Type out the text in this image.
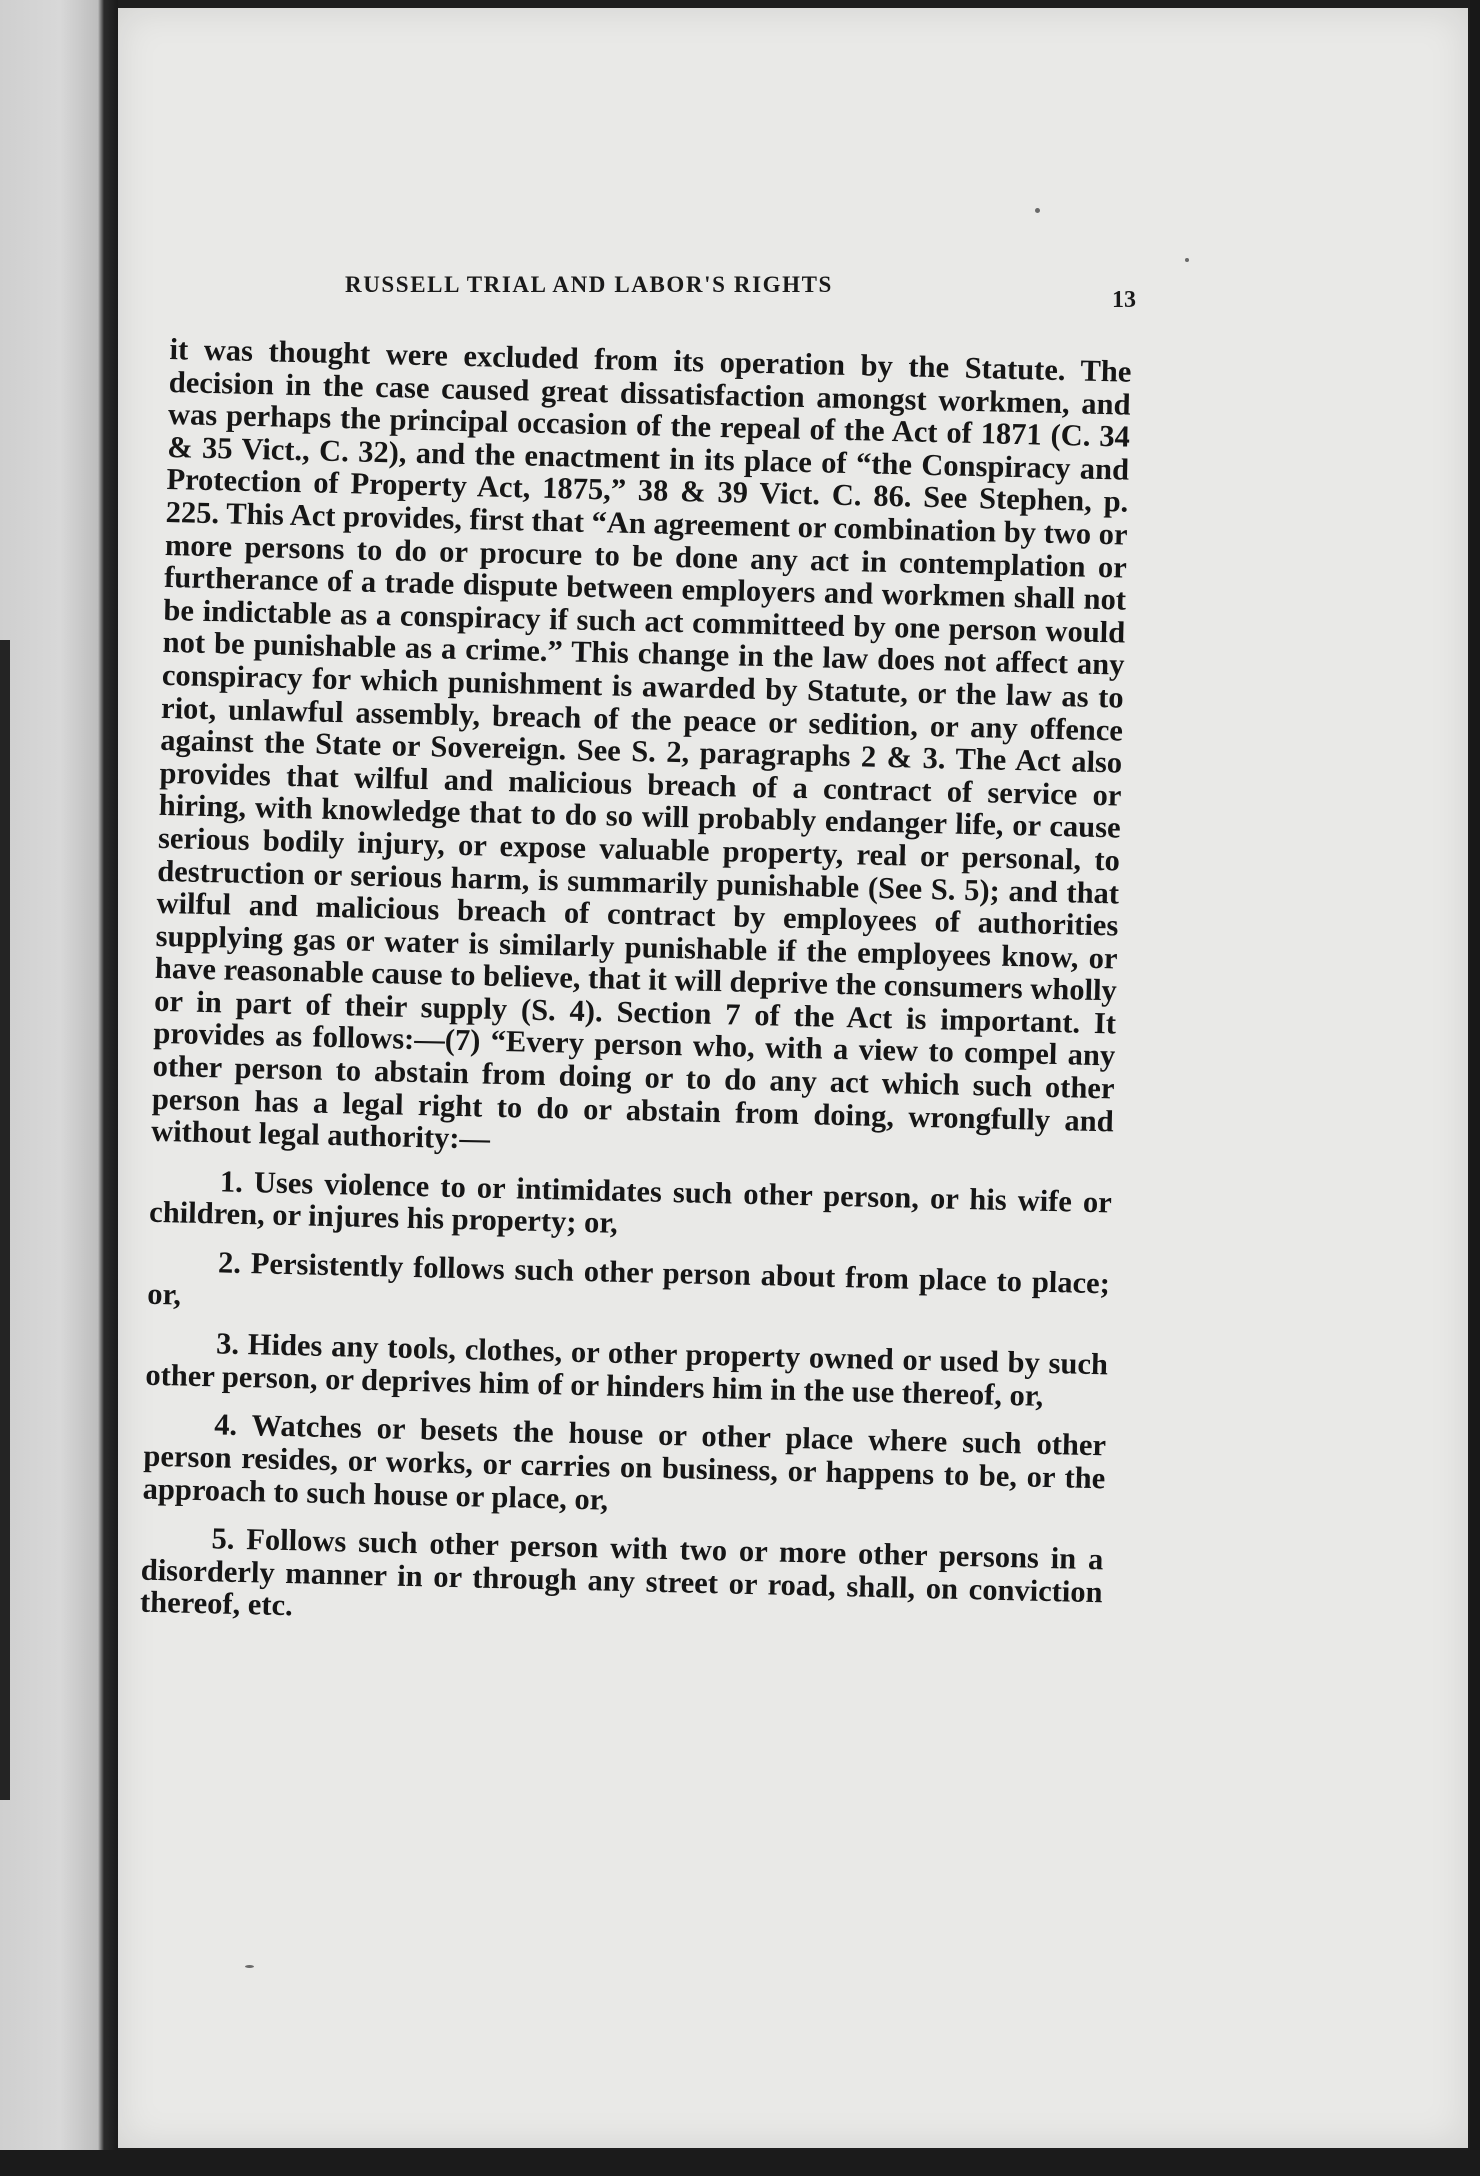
RUSSELL TRIAL AND LABOR'S RIGHTS
13

it was thought were excluded from its operation by the Statute. The decision in the case caused great dissatisfaction amongst workmen, and was perhaps the principal occasion of the repeal of the Act of 1871 (C. 34 & 35 Vict., C. 32), and the enactment in its place of “the Conspiracy and Protection of Property Act, 1875,” 38 & 39 Vict. C. 86. See Stephen, p. 225. This Act provides, first that “An agreement or combination by two or more persons to do or procure to be done any act in contemplation or furtherance of a trade dispute between employers and workmen shall not be indictable as a conspiracy if such act committeed by one person would not be punishable as a crime.” This change in the law does not affect any conspiracy for which punishment is awarded by Statute, or the law as to riot, unlawful assembly, breach of the peace or sedition, or any offence against the State or Sovereign. See S. 2, paragraphs 2 & 3. The Act also provides that wilful and malicious breach of a contract of service or hiring, with knowledge that to do so will probably endanger life, or cause serious bodily injury, or expose valuable property, real or personal, to destruction or serious harm, is summarily punishable (See S. 5); and that wilful and malicious breach of contract by employees of authorities supplying gas or water is similarly punishable if the employees know, or have reasonable cause to believe, that it will deprive the consumers wholly or in part of their supply (S. 4). Section 7 of the Act is important. It provides as follows:—(7) “Every person who, with a view to compel any other person to abstain from doing or to do any act which such other person has a legal right to do or abstain from doing, wrongfully and without legal authority:—

1. Uses violence to or intimidates such other person, or his wife or children, or injures his property; or,

2. Persistently follows such other person about from place to place; or,

3. Hides any tools, clothes, or other property owned or used by such other person, or deprives him of or hinders him in the use thereof, or,

4. Watches or besets the house or other place where such other person resides, or works, or carries on business, or happens to be, or the approach to such house or place, or,

5. Follows such other person with two or more other persons in a disorderly manner in or through any street or road, shall, on conviction thereof, etc.
